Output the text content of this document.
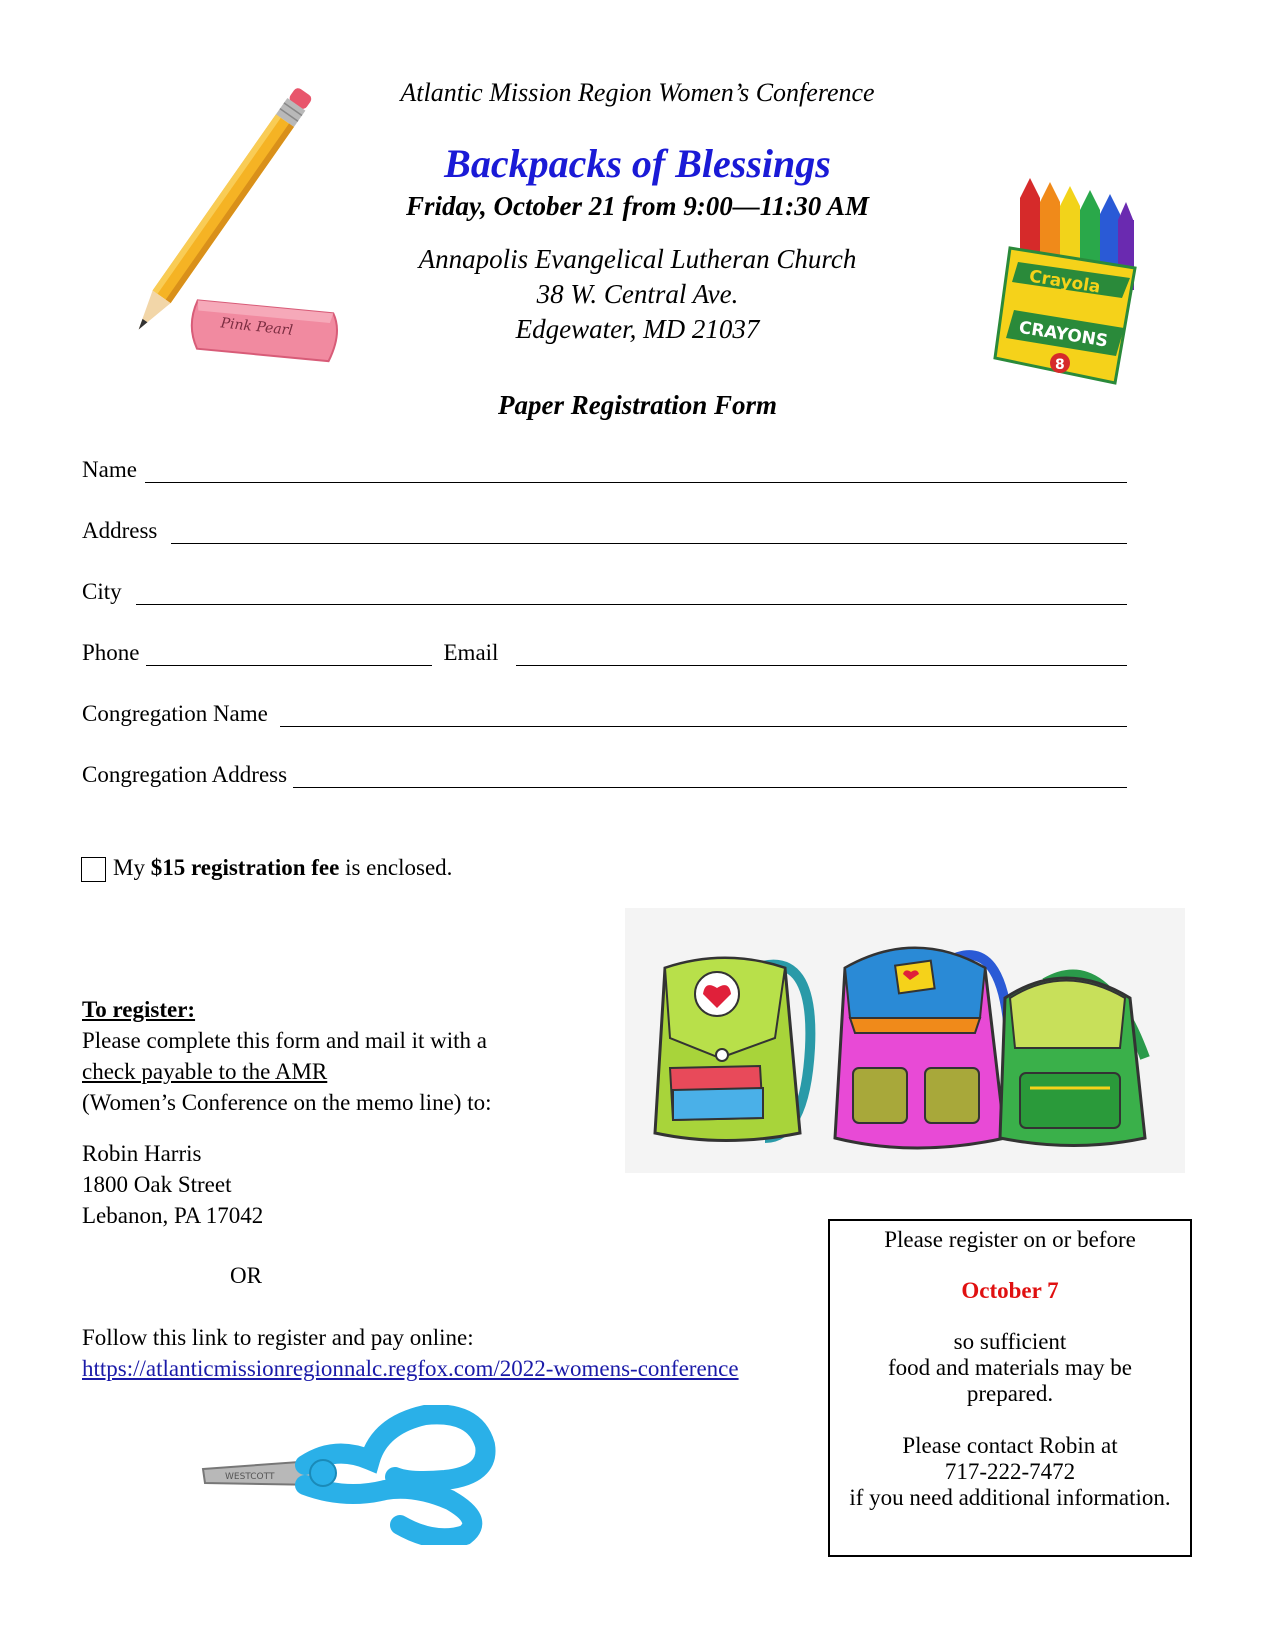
Pink Pearl
Crayola
CRAYONS
8
Atlantic Mission Region Women’s Conference
Backpacks of Blessings
Friday, October 21 from 9:00—11:30 AM
Annapolis Evangelical Lutheran Church
38 W. Central Ave.
Edgewater, MD 21037
Paper Registration Form
Name
Address
City
Phone	Email
Congregation Name
Congregation Address
My $15 registration fee is enclosed.
To register:
Please complete this form and mail it with a
check payable to the AMR
(Women’s Conference on the memo line) to:
Robin Harris
1800 Oak Street
Lebanon, PA 17042
OR
Follow this link to register and pay online:
https://atlanticmissionregionnalc.regfox.com/2022-womens-conference
WESTCOTT
Please register on or before
October 7
so sufficient
food and materials may be
prepared.
Please contact Robin at
717-222-7472
if you need additional information.
